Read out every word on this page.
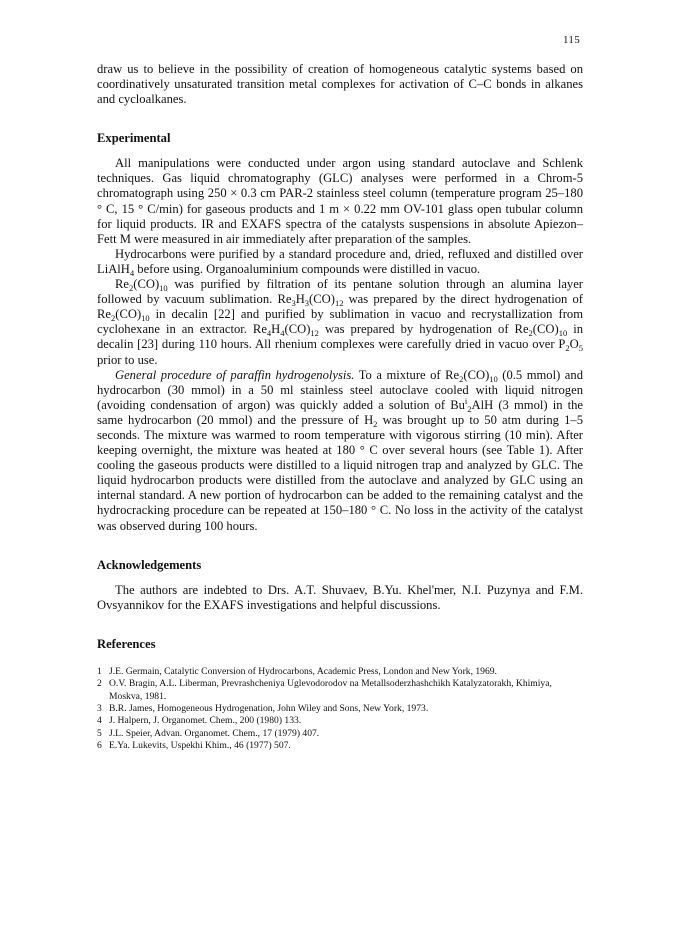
115

draw us to believe in the possibility of creation of homogeneous catalytic systems based on coordinatively unsaturated transition metal complexes for activation of C–C bonds in alkanes and cycloalkanes.

Experimental

All manipulations were conducted under argon using standard autoclave and Schlenk techniques. Gas liquid chromatography (GLC) analyses were performed in a Chrom-5 chromatograph using 250 × 0.3 cm PAR-2 stainless steel column (temperature program 25–180 ° C, 15 ° C/min) for gaseous products and 1 m × 0.22 mm OV-101 glass open tubular column for liquid products. IR and EXAFS spectra of the catalysts suspensions in absolute Apiezon–Fett M were measured in air immediately after preparation of the samples.

Hydrocarbons were purified by a standard procedure and, dried, refluxed and distilled over LiAlH$_4$ before using. Organoaluminium compounds were distilled in vacuo.

$Re_2(CO)_{10}$ was purified by filtration of its pentane solution through an alumina layer followed by vacuum sublimation. $Re_3H_3(CO)_{12}$ was prepared by the direct hydrogenation of $Re_2(CO)_{10}$ in decalin [22] and purified by sublimation in vacuo and recrystallization from cyclohexane in an extractor. $Re_4H_4(CO)_{12}$ was prepared by hydrogenation of $Re_2(CO)_{10}$ in decalin [23] during 110 hours. All rhenium complexes were carefully dried in vacuo over $P_2O_5$ prior to use.

General procedure of paraffin hydrogenolysis. To a mixture of $Re_2(CO)_{10}$ (0.5 mmol) and hydrocarbon (30 mmol) in a 50 ml stainless steel autoclave cooled with liquid nitrogen (avoiding condensation of argon) was quickly added a solution of $Bu^i_2AlH$ (3 mmol) in the same hydrocarbon (20 mmol) and the pressure of $H_2$ was brought up to 50 atm during 1–5 seconds. The mixture was warmed to room temperature with vigorous stirring (10 min). After keeping overnight, the mixture was heated at 180 ° C over several hours (see Table 1). After cooling the gaseous products were distilled to a liquid nitrogen trap and analyzed by GLC. The liquid hydrocarbon products were distilled from the autoclave and analyzed by GLC using an internal standard. A new portion of hydrocarbon can be added to the remaining catalyst and the hydrocracking procedure can be repeated at 150–180 ° C. No loss in the activity of the catalyst was observed during 100 hours.

Acknowledgements

The authors are indebted to Drs. A.T. Shuvaev, B.Yu. Khel'mer, N.I. Puzynya and F.M. Ovsyannikov for the EXAFS investigations and helpful discussions.

References
1 J.E. Germain, Catalytic Conversion of Hydrocarbons, Academic Press, London and New York, 1969.
2 O.V. Bragin, A.L. Liberman, Prevrashcheniya Uglevodorodov na Metallsoderzhashchikh Katalyzatorakh, Khimiya, Moskva, 1981.
3 B.R. James, Homogeneous Hydrogenation, John Wiley and Sons, New York, 1973.
4 J. Halpern, J. Organomet. Chem., 200 (1980) 133.
5 J.L. Speier, Advan. Organomet. Chem., 17 (1979) 407.
6 E.Ya. Lukevits, Uspekhi Khim., 46 (1977) 507.
